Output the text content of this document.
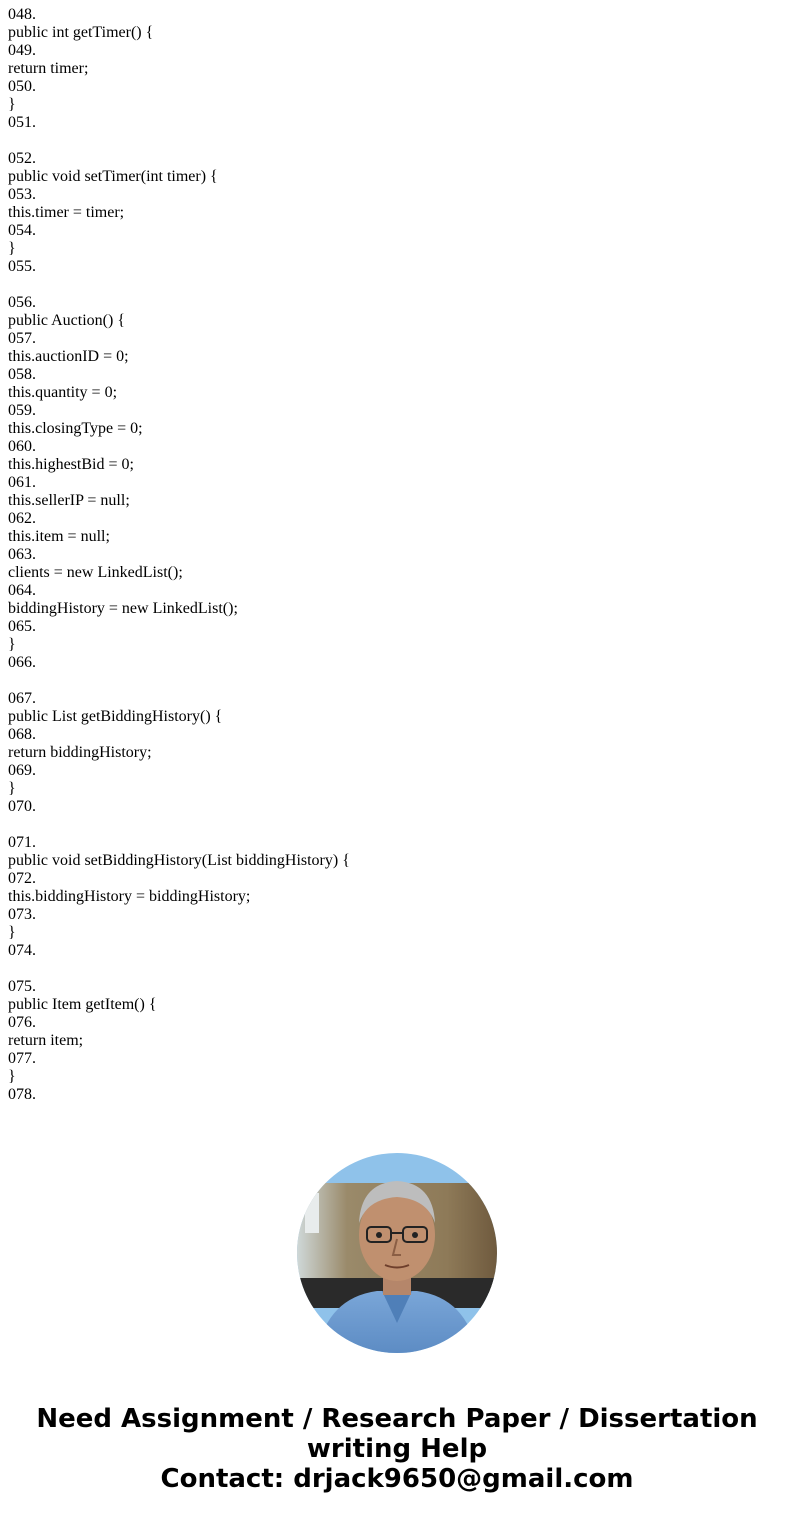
048.
public int getTimer() {
049.
return timer;
050.
}
051.
052.
public void setTimer(int timer) {
053.
this.timer = timer;
054.
}
055.
056.
public Auction() {
057.
this.auctionID = 0;
058.
this.quantity = 0;
059.
this.closingType = 0;
060.
this.highestBid = 0;
061.
this.sellerIP = null;
062.
this.item = null;
063.
clients = new LinkedList();
064.
biddingHistory = new LinkedList();
065.
}
066.
067.
public List getBiddingHistory() {
068.
return biddingHistory;
069.
}
070.
071.
public void setBiddingHistory(List biddingHistory) {
072.
this.biddingHistory = biddingHistory;
073.
}
074.
075.
public Item getItem() {
076.
return item;
077.
}
078.
Need Assignment / Research Paper / Dissertation
writing Help
Contact: drjack9650@gmail.com
